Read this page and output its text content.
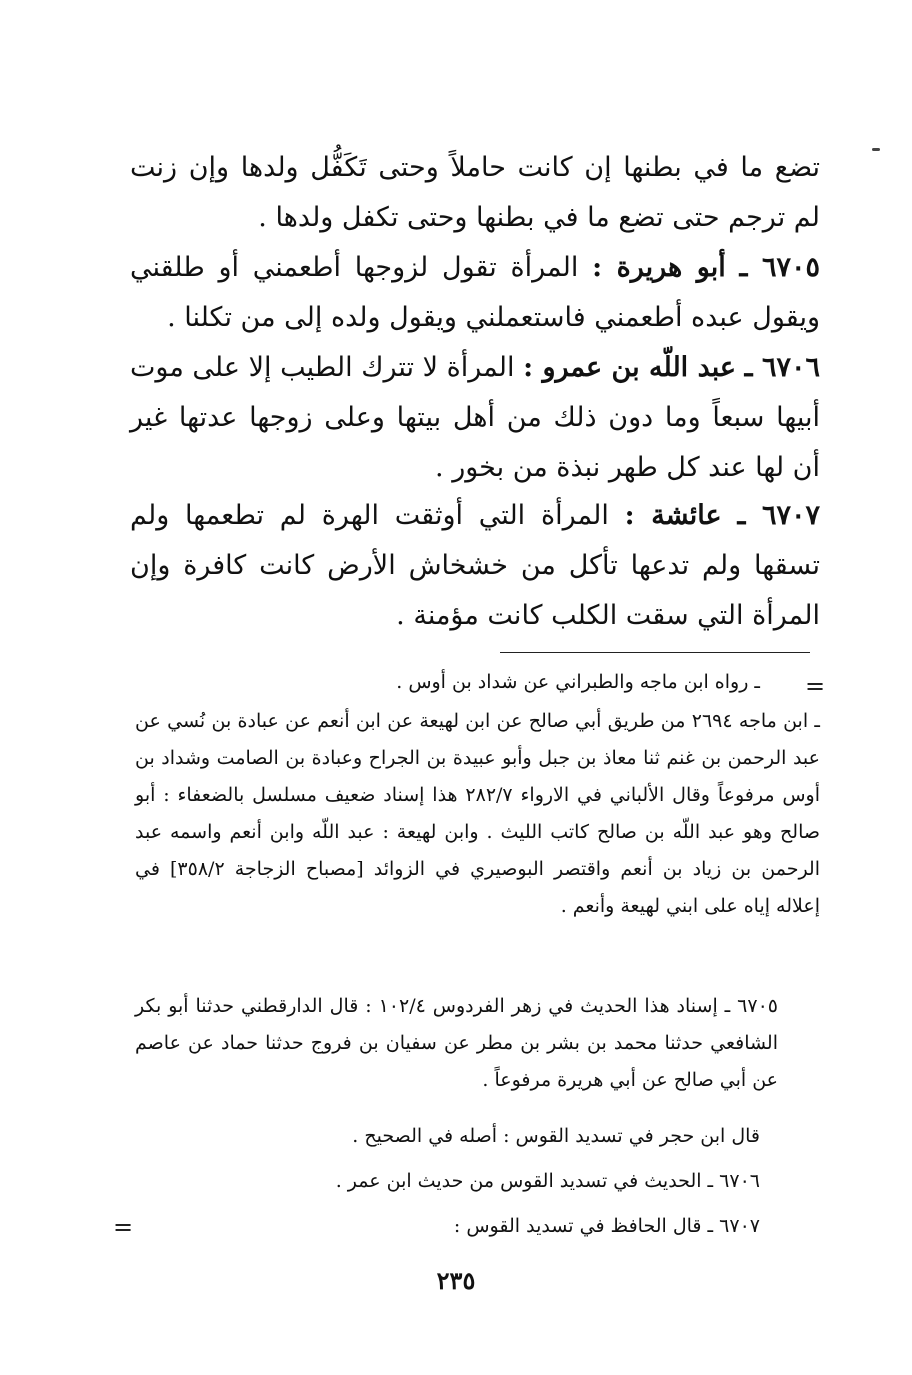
تضع ما في بطنها إن كانت حاملاً وحتى تَكَفُّل ولدها وإن زنت لم ترجم حتى تضع ما في بطنها وحتى تكفل ولدها .

٦٧٠٥ ـ أبو هريرة : المرأة تقول لزوجها أطعمني أو طلقني ويقول عبده أطعمني فاستعملني ويقول ولده إلى من تكلنا .

٦٧٠٦ ـ عبد اللّه بن عمرو : المرأة لا تترك الطيب إلا على موت أبيها سبعاً وما دون ذلك من أهل بيتها وعلى زوجها عدتها غير أن لها عند كل طهر نبذة من بخور .

٦٧٠٧ ـ عائشة : المرأة التي أوثقت الهرة لم تطعمها ولم تسقها ولم تدعها تأكل من خشخاش الأرض كانت كافرة وإن المرأة التي سقت الكلب كانت مؤمنة .

=

ـ رواه ابن ماجه والطبراني عن شداد بن أوس .

ـ ابن ماجه ٢٦٩٤ من طريق أبي صالح عن ابن لهيعة عن ابن أنعم عن عبادة بن نُسي عن عبد الرحمن بن غنم ثنا معاذ بن جبل وأبو عبيدة بن الجراح وعبادة بن الصامت وشداد بن أوس مرفوعاً وقال الألباني في الارواء ٢٨٢/٧ هذا إسناد ضعيف مسلسل بالضعفاء : أبو صالح وهو عبد اللّه بن صالح كاتب الليث . وابن لهيعة : عبد اللّه وابن أنعم واسمه عبد الرحمن بن زياد بن أنعم واقتصر البوصيري في الزوائد [مصباح الزجاجة ٣٥٨/٢] في إعلاله إياه على ابني لهيعة وأنعم .

٦٧٠٥ ـ إسناد هذا الحديث في زهر الفردوس ١٠٢/٤ : قال الدارقطني حدثنا أبو بكر الشافعي حدثنا محمد بن بشر بن مطر عن سفيان بن فروج حدثنا حماد عن عاصم عن أبي صالح عن أبي هريرة مرفوعاً .

قال ابن حجر في تسديد القوس : أصله في الصحيح .

٦٧٠٦ ـ الحديث في تسديد القوس من حديث ابن عمر .

٦٧٠٧ ـ قال الحافظ في تسديد القوس :

=
٢٣٥
